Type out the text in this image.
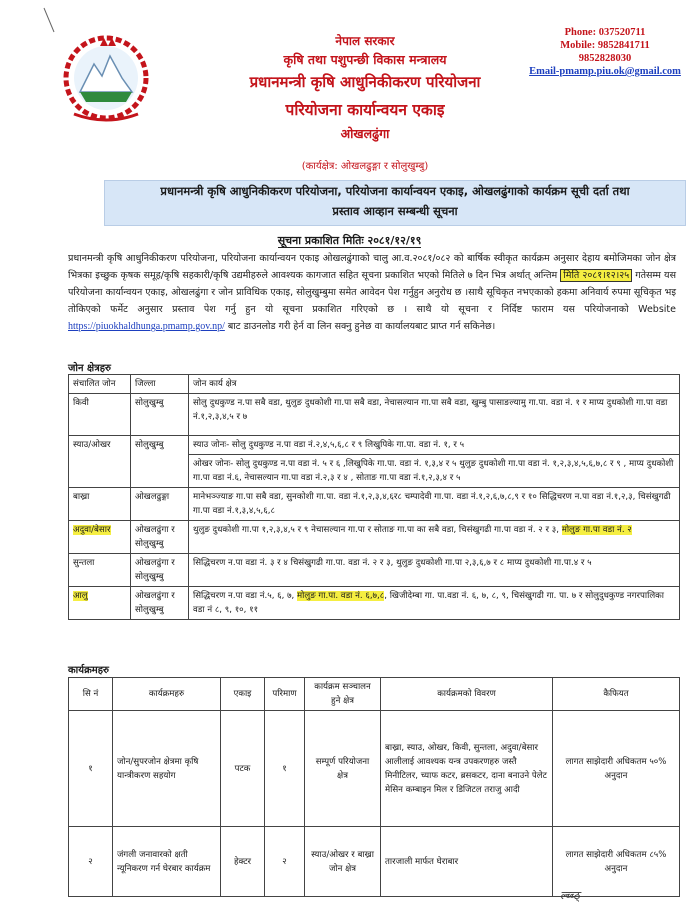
नेपाल सरकार
कृषि तथा पशुपन्छी विकास मन्त्रालय
प्रधानमन्त्री कृषि आधुनिकीकरण परियोजना
परियोजना कार्यान्वयन एकाइ
ओखलढुंगा
(कार्यक्षेत्र: ओखलढुङ्गा र सोलुखुम्बु)
Phone: 037520711
Mobile: 9852841711
9852828030
Email-pmamp.piu.ok@gmail.com
प्रधानमन्त्री कृषि आधुनिकीकरण परियोजना, परियोजना कार्यान्वयन एकाइ, ओखलढुंगाको कार्यक्रम सूची दर्ता तथा
प्रस्ताव आव्हान सम्बन्धी सूचना
सूचना प्रकाशित मितिः २०८१/१२/१९
प्रधानमन्त्री कृषि आधुनिकीकरण परियोजना, परियोजना कार्यान्वयन एकाइ ओखलढुंगाको चालु आ.व.२०८१/०८२ को बार्षिक स्वीकृत कार्यक्रम अनुसार देहाय बमोजिमका जोन क्षेत्र भित्रका इच्छुक कृषक समूह/कृषि सहकारी/कृषि उद्यमीहरुले आवश्यक कागजात सहित सूचना प्रकाशित भएको मितिले ७ दिन भित्र अर्थात् अन्तिम मिति २०८१।१२।२५ गतेसम्म यस परियोजना कार्यान्वयन एकाइ, ओखलढुंगा र जोन प्राविधिक एकाइ, सोलुखुम्बुमा समेत आवेदन पेश गर्नुहुन अनुरोध छ ।साथै सूचिकृत नभएकाको हकमा अनिवार्य रुपमा सूचिकृत भइ तोकिएको फर्मेट अनुसार प्रस्ताव पेश गर्नु हुन यो सूचना प्रकाशित गरिएको छ । साथै यो सूचना र निर्दिष्ट फाराम यस परियोजनाको Website https://piuokhaldhunga.pmamp.gov.np/ बाट डाउनलोड गरी हेर्न वा लिन सक्नु हुनेछ वा कार्यालयबाट प्राप्त गर्न सकिनेछ।
जोन क्षेत्रहरु
संचालित जोन	जिल्ला	जोन कार्य क्षेत्र
किवी	सोलुखुम्बु	सोलु दुधकुण्ड न.पा सबै वडा, थुलुङ दुधकोशी गा.पा सबै वडा, नेचासल्यान गा.पा सबै वडा, खुम्बु पासाङल्यामु गा.पा. वडा नं. १ र माप्य दुधकोशी गा.पा वडा नं.१,२,३,४,५ र ७
स्याउ/ओखर	सोलुखुम्बु	स्याउ जोनः- सोलु दुधकुण्ड न.पा वडा नं.२,४,५,६,८ र ९ लिखुपिके गा.पा. वडा नं. १, र ५
ओखर जोनः- सोलु दुधकुण्ड न.पा वडा नं. ५ र ६ ,लिखुपिके गा.पा. वडा नं. १,३,४ र ५ थुलुङ दुधकोशी गा.पा वडा नं. १,२,३,४,५,६,७,८ र ९ , माप्य दुधकोशी गा.पा वडा नं.६, नेचासल्यान गा.पा वडा नं.२,३ र ४ , सोताङ गा.पा वडा नं.१,२,३,४ र ५

बाख्रा	ओखलढुङ्गा	मानेभञ्ज्याङ गा.पा सबै वडा, सुनकोशी गा.पा. वडा नं.१,२,३,४,६र८ चम्पादेवी गा.पा. वडा नं.१,२,६,७,८,९ र १० सिद्धिचरण न.पा वडा नं.१,२,३, चिसंखुगढी गा.पा वडा नं.१,३,४,५,६,८
अदुवा/बेसार	ओखलढुंगा र सोलुखुम्बु	थुलुङ दुधकोशी गा.पा १,२,३,४,५ र ९ नेचासल्यान गा.पा र सोताङ गा.पा का सबै वडा, चिसंखुगढी गा.पा वडा नं. २ र ३, मोलुङ गा.पा वडा नं. २
सुन्तला	ओखलढुंगा र सोलुखुम्बु	सिद्धिचरण न.पा वडा नं. ३ र ४ चिसंखुगढी गा.पा. वडा नं. २ र ३, थुलुङ दुधकोशी गा.पा २,३,६,७ र ८ माप्य दुधकोशी गा.पा.४ र ५
आलु	ओखलढुंगा र सोलुखुम्बु	सिद्धिचरण न.पा वडा नं.५, ६, ७, मोलुङ गा.पा. वडा नं. ६,७,८, खिजीदेम्बा गा. पा.वडा नं. ६, ७, ८, ९, चिसंखुगढी गा. पा. ७ र सोलुदुधकुण्ड नगरपालिका वडा नं ८, ९, १०, ११
कार्यक्रमहरु
सि नं	कार्यक्रमहरु	एकाइ	परिमाण	कार्यक्रम सञ्चालन हुने क्षेत्र	कार्यक्रमको विवरण	कैफियत
१	जोन/सुपरजोन क्षेत्रमा कृषि यान्त्रीकरण सहयोग	पटक	१	सम्पूर्ण परियोजना क्षेत्र	बाख्रा, स्याउ, ओखर, किवी, सुन्तला, अदुवा/बेसार आलीलाई आवश्यक यन्त्र उपकरणहरु जस्तै मिनीटिलर, च्याफ कटर, ब्रसकटर, दाना बनाउने पेलेट मेसिन कम्बाइन मिल र डिजिटल तराजु आदी	लागत साझेदारी अधिकतम ५०% अनुदान
२	जंगली जनावारको क्षती न्यूनिकरण गर्न घेरबार कार्यक्रम	हेक्टर	२	स्याउ/ओखर र बाख्रा जोन क्षेत्र	तारजाली मार्फत घेराबार	लागत साझेदारी अधिकतम ८५% अनुदान
ल्ब्ब्ठ्
